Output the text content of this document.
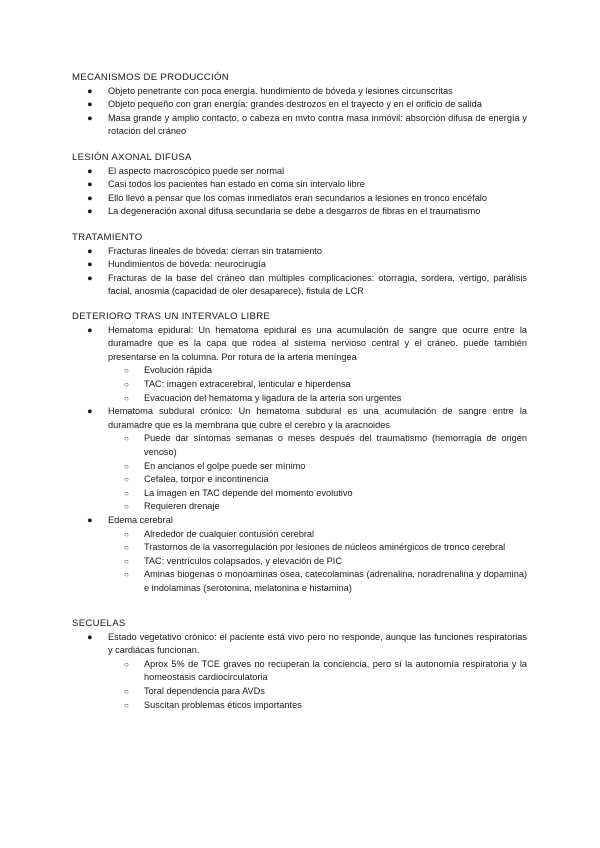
MECANISMOS DE PRODUCCIÓN
● Objeto penetrante con poca energía. hundimiento de bóveda y lesiones circunscritas
● Objeto pequeño con gran energía: grandes destrozos en el trayecto y en el orificio de salida
● Masa grande y amplio contacto, o cabeza en mvto contra masa inmóvil: absorción difusa de energía y rotación del cráneo
LESIÓN AXONAL DIFUSA
● El aspecto macroscópico puede ser normal
● Casi todos los pacientes han estado en coma sin intervalo libre
● Ello llevó a pensar que los comas inmediatos eran secundarios a lesiones en tronco encéfalo
● La degeneración axonal difusa secundaria se debe a desgarros de fibras en el traumatismo
TRATAMIENTO
● Fracturas lineales de bóveda: cierran sin tratamiento
● Hundimientos de bóveda: neurocirugía
● Fracturas de la base del cráneo dan múltiples complicaciones: otorragia, sordera, vértigo, parálisis facial, anosmia (capacidad de oler desaparece), fistula de LCR
DETERIORO TRAS UN INTERVALO LIBRE
● Hematoma epidural: Un hematoma epidural es una acumulación de sangre que ocurre entre la duramadre que es la capa que rodea al sistema nervioso central y el cráneo. puede también presentarse en la columna. Por rotura de la arteria meníngea
○ Evolución rápida
○ TAC: imagen extracerebral, lenticular e hiperdensa
○ Evacuación del hematoma y ligadura de la arteria son urgentes
● Hematoma subdural crónico: Un hematoma subdural es una acumulación de sangre entre la duramadre que es la membrana que cubre el cerebro y la aracnoides
○ Puede dar síntomas semanas o meses después del traumatismo (hemorragia de origen venoso)
○ En ancianos el golpe puede ser mínimo
○ Cefalea, torpor e incontinencia
○ La imagen en TAC depende del momento evolutivo
○ Requieren drenaje
● Edema cerebral
○ Alrededor de cualquier contusión cerebral
○ Trastornos de la vasorregulación por lesiones de núcleos aminérgicos de tronco cerebral
○ TAC: ventrículos colapsados, y elevación de PIC
○ Aminas biogenas o monoaminas osea, catecolaminas (adrenalina, noradrenalina y dopamina) e indolaminas (serotonina, melatonina e histamina)
SECUELAS
● Estado vegetativo crónico: el paciente está vivo pero no responde, aunque las funciones respiratorias y cardiácas funcionan.
○ Aprox 5% de TCE graves no recuperan la conciencia, pero sí la autonomía respiratoria y la homeostasis cardiocirculatoria
○ Toral dependencia para AVDs
○ Suscitan problemas éticos importantes
